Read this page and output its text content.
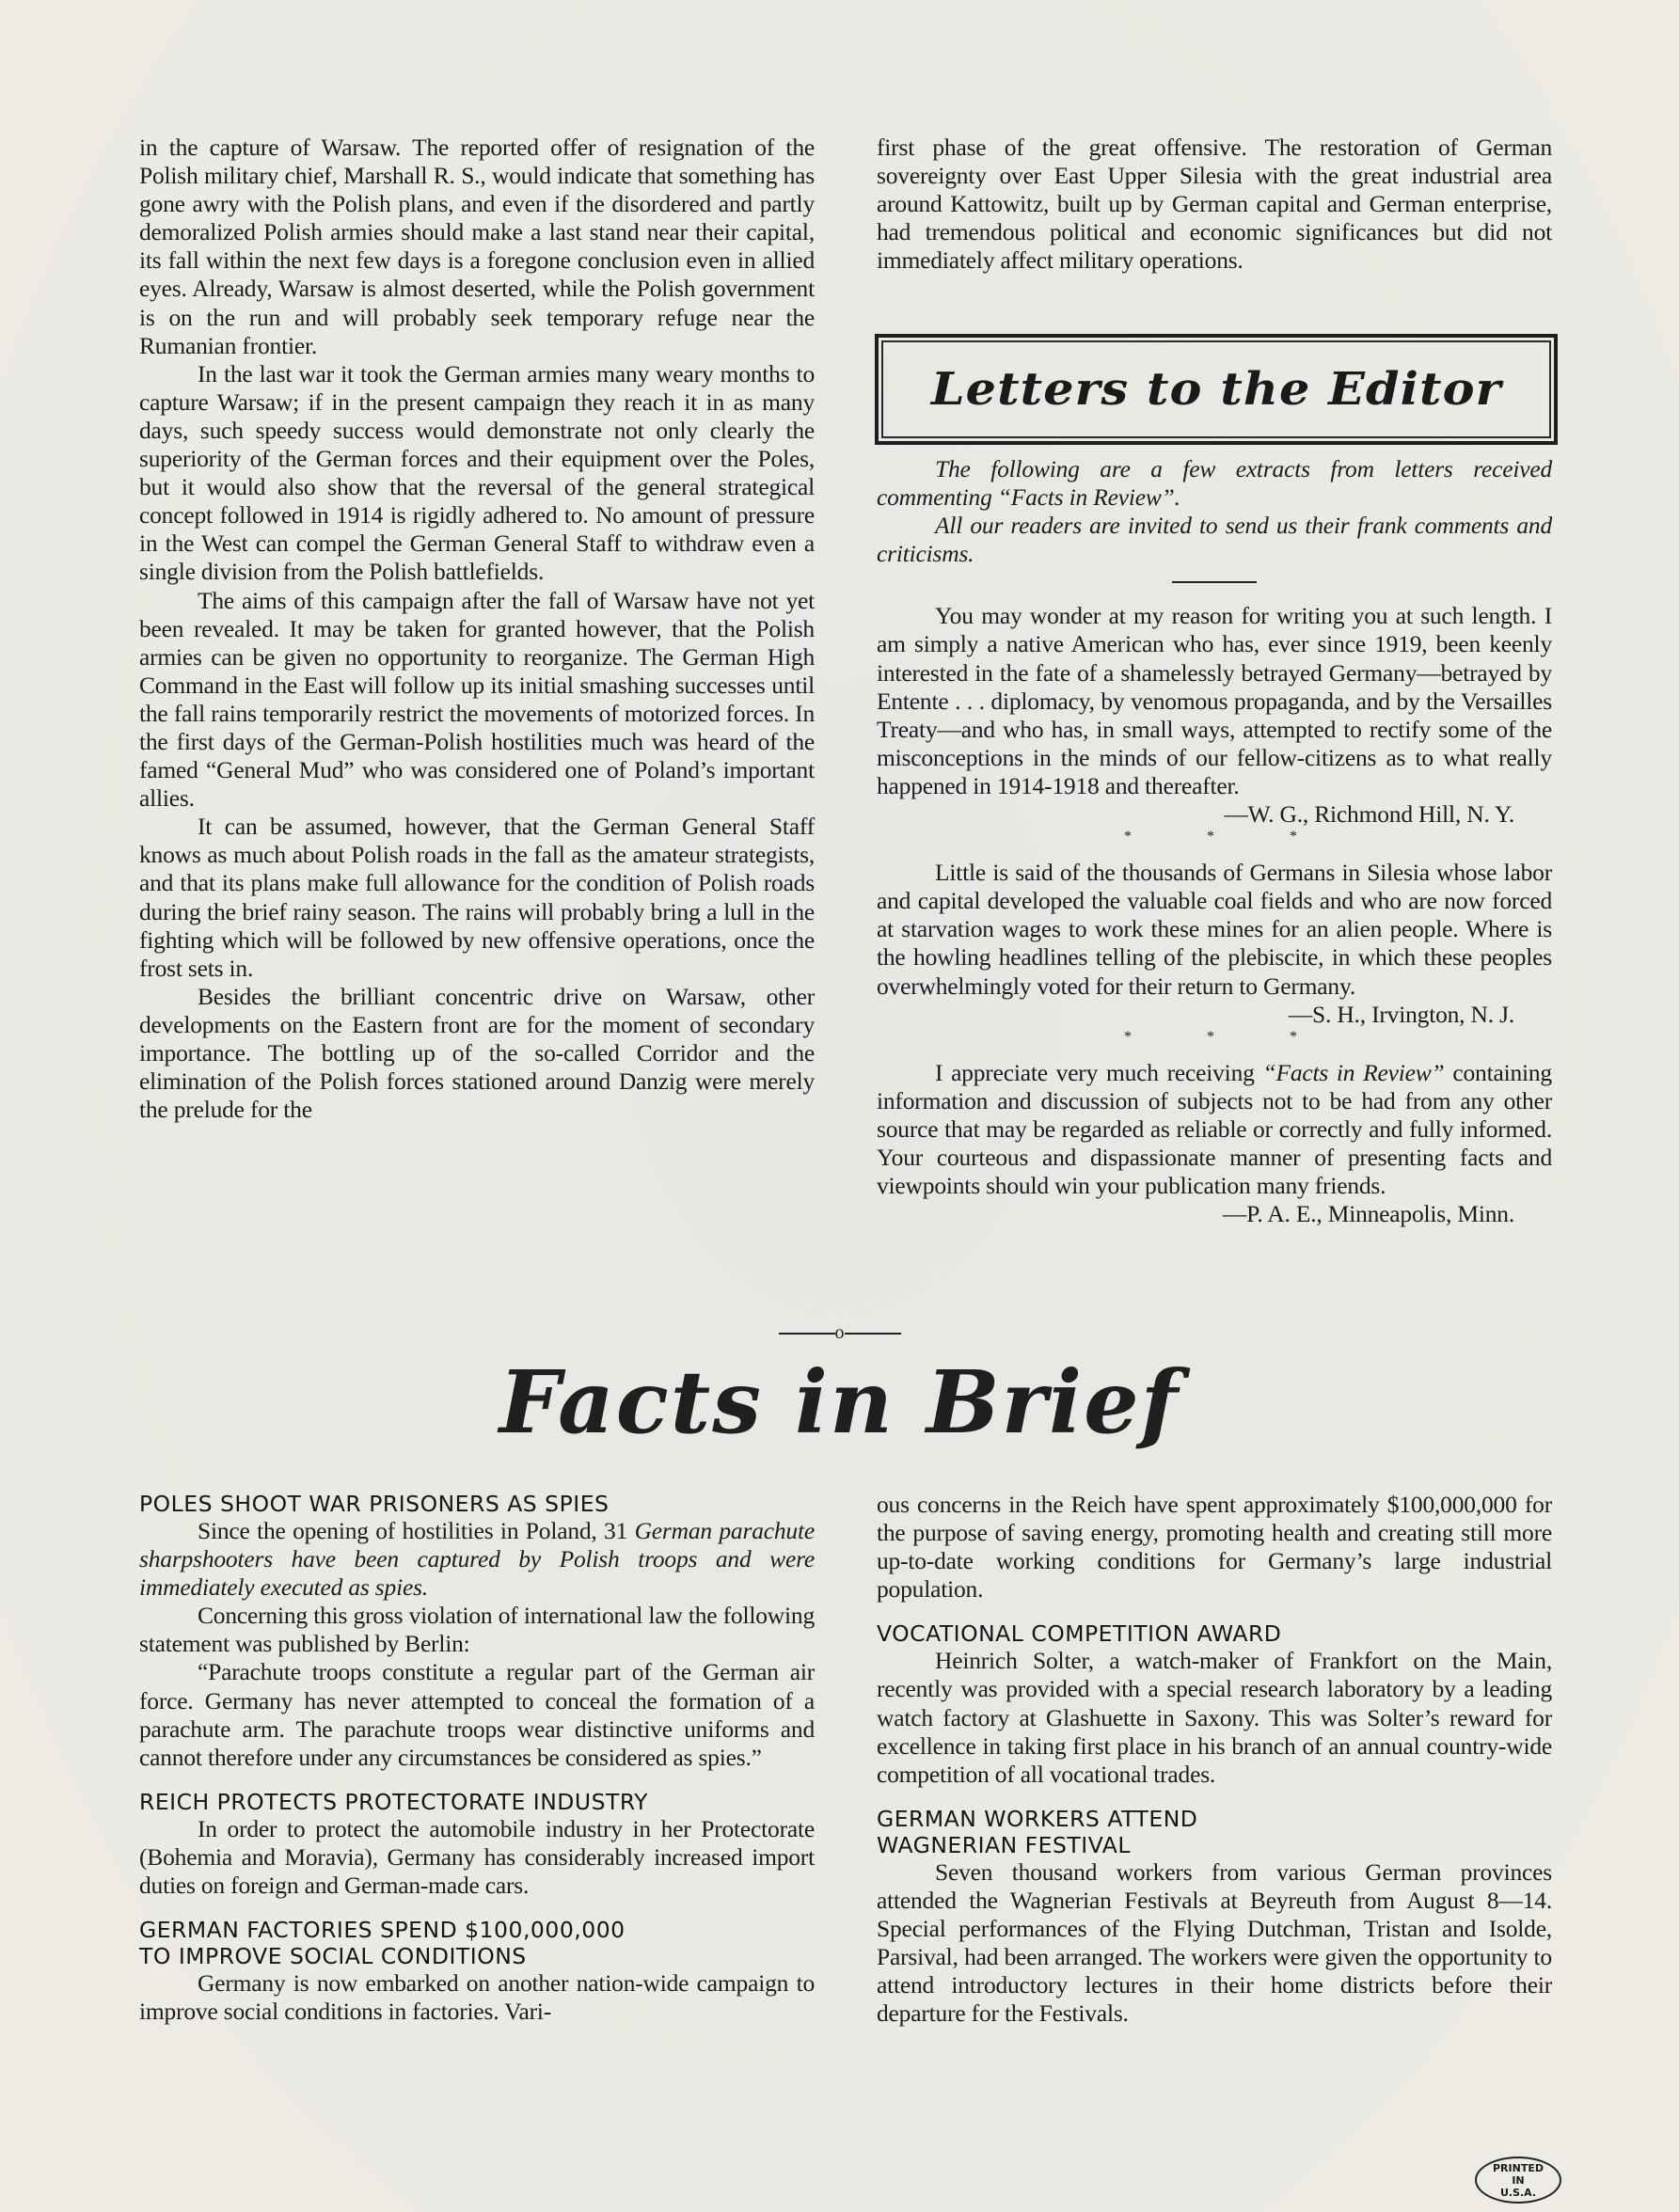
in the capture of Warsaw. The reported offer of resignation of the Polish military chief, Marshall R. S., would indicate that something has gone awry with the Polish plans, and even if the disordered and partly demoralized Polish armies should make a last stand near their capital, its fall within the next few days is a foregone conclusion even in allied eyes. Already, Warsaw is almost deserted, while the Polish government is on the run and will probably seek temporary refuge near the Rumanian frontier.

In the last war it took the German armies many weary months to capture Warsaw; if in the present campaign they reach it in as many days, such speedy success would demonstrate not only clearly the superiority of the German forces and their equipment over the Poles, but it would also show that the reversal of the general strategical concept followed in 1914 is rigidly adhered to. No amount of pressure in the West can compel the German General Staff to withdraw even a single division from the Polish battlefields.

The aims of this campaign after the fall of Warsaw have not yet been revealed. It may be taken for granted however, that the Polish armies can be given no opportunity to reorganize. The German High Command in the East will follow up its initial smashing successes until the fall rains temporarily restrict the movements of motorized forces. In the first days of the German-Polish hostilities much was heard of the famed “General Mud” who was considered one of Poland’s important allies.

It can be assumed, however, that the German General Staff knows as much about Polish roads in the fall as the amateur strategists, and that its plans make full allowance for the condition of Polish roads during the brief rainy season. The rains will probably bring a lull in the fighting which will be followed by new offensive operations, once the frost sets in.

Besides the brilliant concentric drive on Warsaw, other developments on the Eastern front are for the moment of secondary importance. The bottling up of the so-called Corridor and the elimination of the Polish forces stationed around Danzig were merely the prelude for the

first phase of the great offensive. The restoration of German sovereignty over East Upper Silesia with the great industrial area around Kattowitz, built up by German capital and German enterprise, had tremendous political and economic significances but did not immediately affect military operations.

Letters to the Editor

The following are a few extracts from letters received commenting “Facts in Review”.

All our readers are invited to send us their frank comments and criticisms.

You may wonder at my reason for writing you at such length. I am simply a native American who has, ever since 1919, been keenly interested in the fate of a shamelessly betrayed Germany—betrayed by Entente . . . diplomacy, by venomous propaganda, and by the Versailles Treaty—and who has, in small ways, attempted to rectify some of the misconceptions in the minds of our fellow-citizens as to what really happened in 1914-1918 and thereafter.

—W. G., Richmond Hill, N. Y.

* * *

Little is said of the thousands of Germans in Silesia whose labor and capital developed the valuable coal fields and who are now forced at starvation wages to work these mines for an alien people. Where is the howling headlines telling of the plebiscite, in which these peoples overwhelmingly voted for their return to Germany.

—S. H., Irvington, N. J.

* * *

I appreciate very much receiving “Facts in Review” containing information and discussion of subjects not to be had from any other source that may be regarded as reliable or correctly and fully informed. Your courteous and dispassionate manner of presenting facts and viewpoints should win your publication many friends.

—P. A. E., Minneapolis, Minn.

o
Facts in Brief

POLES SHOOT WAR PRISONERS AS SPIES

Since the opening of hostilities in Poland, 31 German parachute sharpshooters have been captured by Polish troops and were immediately executed as spies.

Concerning this gross violation of international law the following statement was published by Berlin:

“Parachute troops constitute a regular part of the German air force. Germany has never attempted to conceal the formation of a parachute arm. The parachute troops wear distinctive uniforms and cannot therefore under any circumstances be considered as spies.”

REICH PROTECTS PROTECTORATE INDUSTRY

In order to protect the automobile industry in her Protectorate (Bohemia and Moravia), Germany has considerably increased import duties on foreign and German-made cars.

GERMAN FACTORIES SPEND $100,000,000
TO IMPROVE SOCIAL CONDITIONS

Germany is now embarked on another nation-wide campaign to improve social conditions in factories. Vari-

ous concerns in the Reich have spent approximately $100,000,000 for the purpose of saving energy, promoting health and creating still more up-to-date working conditions for Germany’s large industrial population.

VOCATIONAL COMPETITION AWARD

Heinrich Solter, a watch-maker of Frankfort on the Main, recently was provided with a special research laboratory by a leading watch factory at Glashuette in Saxony. This was Solter’s reward for excellence in taking first place in his branch of an annual country-wide competition of all vocational trades.

GERMAN WORKERS ATTEND
WAGNERIAN FESTIVAL

Seven thousand workers from various German provinces attended the Wagnerian Festivals at Beyreuth from August 8—14. Special performances of the Flying Dutchman, Tristan and Isolde, Parsival, had been arranged. The workers were given the opportunity to attend introductory lectures in their home districts before their departure for the Festivals.

PRINTED
IN
U.S.A.
